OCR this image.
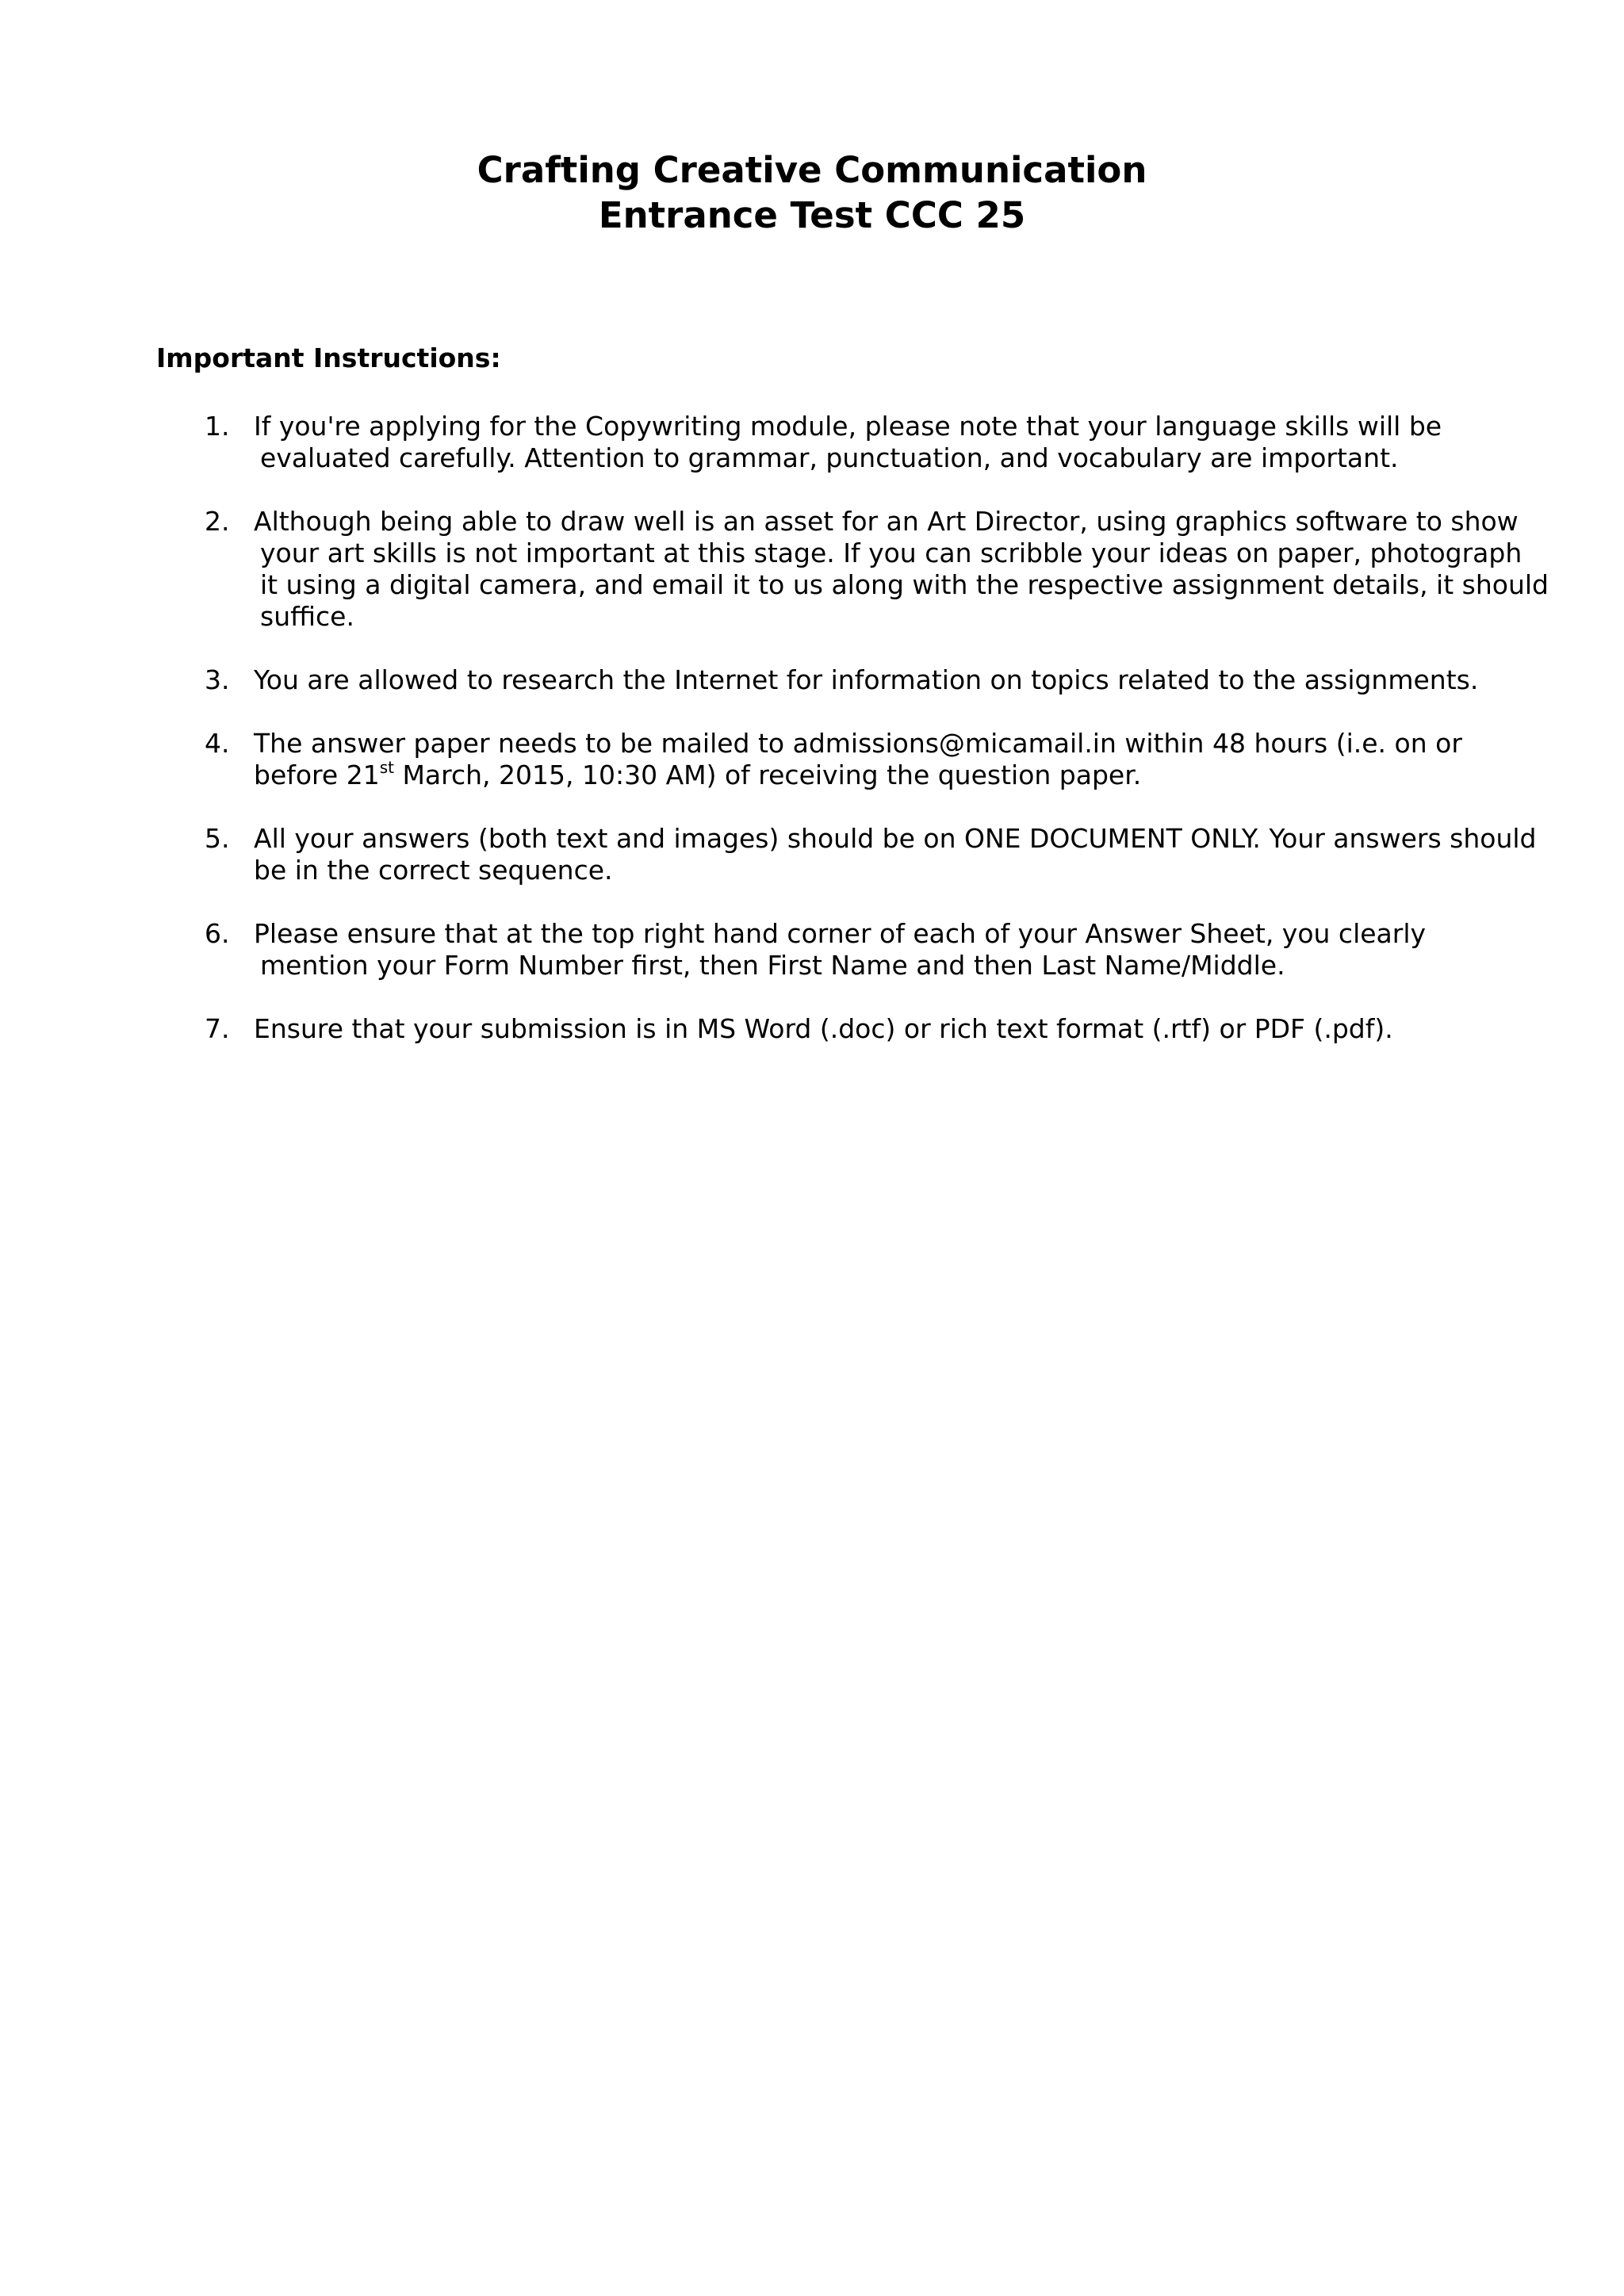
Crafting Creative Communication
Entrance Test CCC 25
Important Instructions:
1. If you're applying for the Copywriting module, please note that your language skills will be
evaluated carefully. Attention to grammar, punctuation, and vocabulary are important.
2. Although being able to draw well is an asset for an Art Director, using graphics software to show
your art skills is not important at this stage. If you can scribble your ideas on paper, photograph
it using a digital camera, and email it to us along with the respective assignment details, it should
suffice.
3. You are allowed to research the Internet for information on topics related to the assignments.
4. The answer paper needs to be mailed to admissions@micamail.in within 48 hours (i.e. on or
before 21st March, 2015, 10:30 AM) of receiving the question paper.
5. All your answers (both text and images) should be on ONE DOCUMENT ONLY. Your answers should
be in the correct sequence.
6. Please ensure that at the top right hand corner of each of your Answer Sheet, you clearly
mention your Form Number first, then First Name and then Last Name/Middle.
7. Ensure that your submission is in MS Word (.doc) or rich text format (.rtf) or PDF (.pdf).
